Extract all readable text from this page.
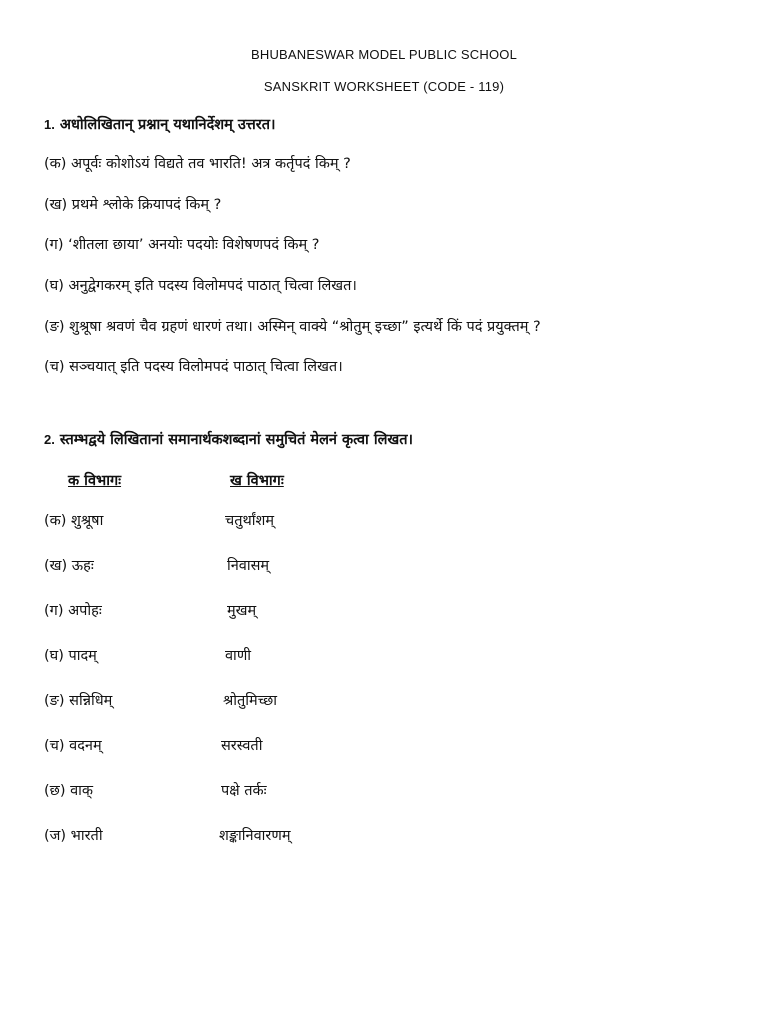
BHUBANESWAR MODEL PUBLIC SCHOOL
SANSKRIT WORKSHEET (CODE - 119)
1. अधोलिखितान् प्रश्नान् यथानिर्देशम् उत्तरत।
(क) अपूर्वः कोशोऽयं विद्यते तव भारति! अत्र कर्तृपदं किम् ?
(ख) प्रथमे श्लोके क्रियापदं किम् ?
(ग) ‘शीतला छाया’ अनयोः पदयोः विशेषणपदं किम् ?
(घ) अनुद्वेगकरम् इति पदस्य विलोमपदं पाठात् चित्वा लिखत।
(ङ) शुश्रूषा श्रवणं चैव ग्रहणं धारणं तथा। अस्मिन् वाक्ये “श्रोतुम् इच्छा” इत्यर्थे किं पदं प्रयुक्तम् ?
(च) सञ्चयात् इति पदस्य विलोमपदं पाठात् चित्वा लिखत।
2. स्तम्भद्वये लिखितानां समानार्थकशब्दानां समुचितं मेलनं कृत्वा लिखत।
क विभागः	ख विभागः
(क) शुश्रूषा
(ख) ऊहः
(ग) अपोहः
(घ) पादम्
(ङ) सन्निधिम्
(च) वदनम्
(छ) वाक्
(ज) भारती
चतुर्थांशम्
निवासम्
मुखम्
वाणी
श्रोतुमिच्छा
सरस्वती
पक्षे तर्कः
शङ्कानिवारणम्
